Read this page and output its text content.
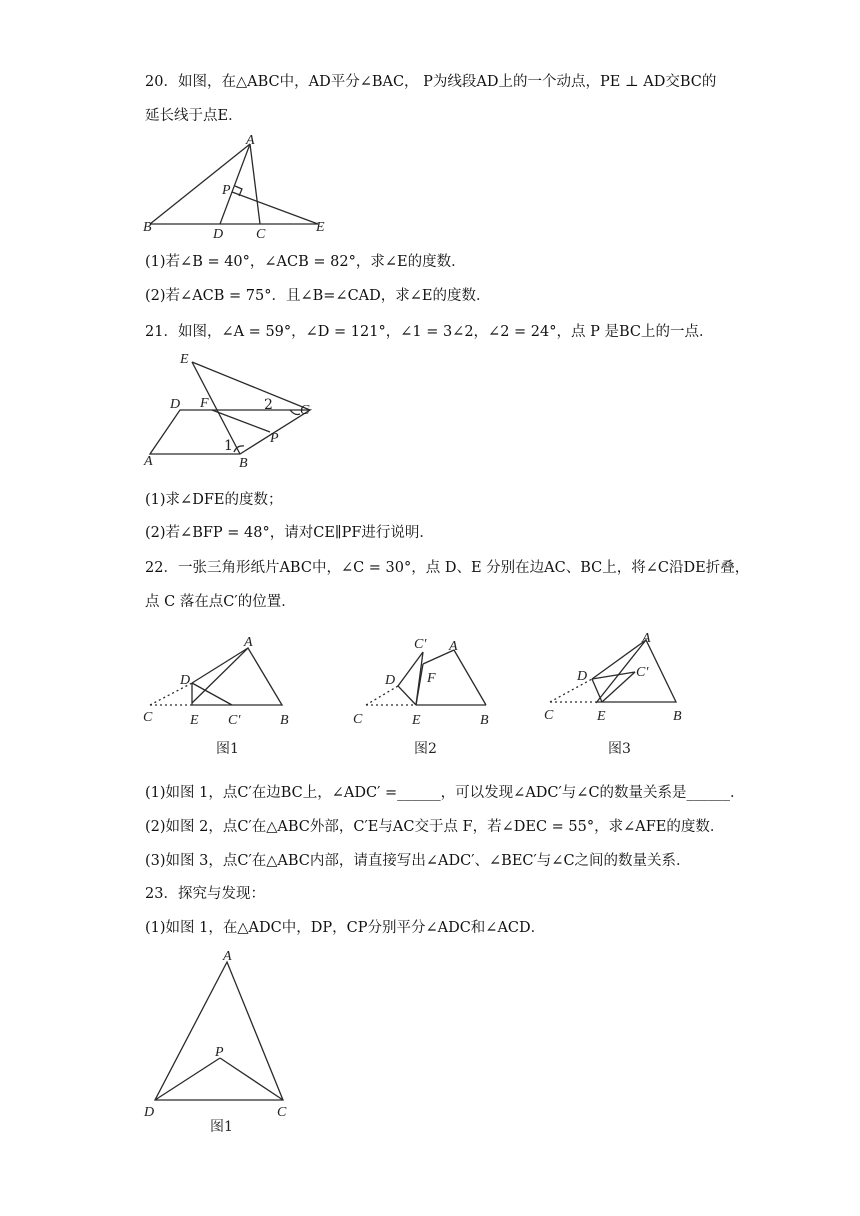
20．如图，在△ABC中，AD平分∠BAC， P为线段AD上的一个动点，PE ⊥ AD交BC的
延长线于点E．
A
P
B	D C	E
(1)若∠B = 40°，∠ACB = 82°，求∠E的度数．
(2)若∠ACB = 75°．且∠B=∠CAD，求∠E的度数．
21．如图，∠A = 59°，∠D = 121°，∠1 = 3∠2，∠2 = 24°，点 P 是BC上的一点．
E
D F	2 C
P
1
A	B
(1)求∠DFE的度数；
(2)若∠BFP = 48°，请对CE∥PF进行说明．
22．一张三角形纸片ABC中，∠C = 30°，点 D、E 分别在边AC、BC上，将∠C沿DE折叠，
点 C 落在点C′的位置．
A
D
C	E C′	B
图1
C′ A
D F
C	E	B
图2
A
D	C′
C	E	B
图3
(1)如图 1，点C′在边BC上，∠ADC′ =______，可以发现∠ADC′与∠C的数量关系是______．
(2)如图 2，点C′在△ABC外部，C′E与AC交于点 F，若∠DEC = 55°，求∠AFE的度数．
(3)如图 3，点C′在△ABC内部，请直接写出∠ADC′、∠BEC′与∠C之间的数量关系．
23．探究与发现：
(1)如图 1，在△ADC中，DP，CP分别平分∠ADC和∠ACD．
A
P
D	C
图1
